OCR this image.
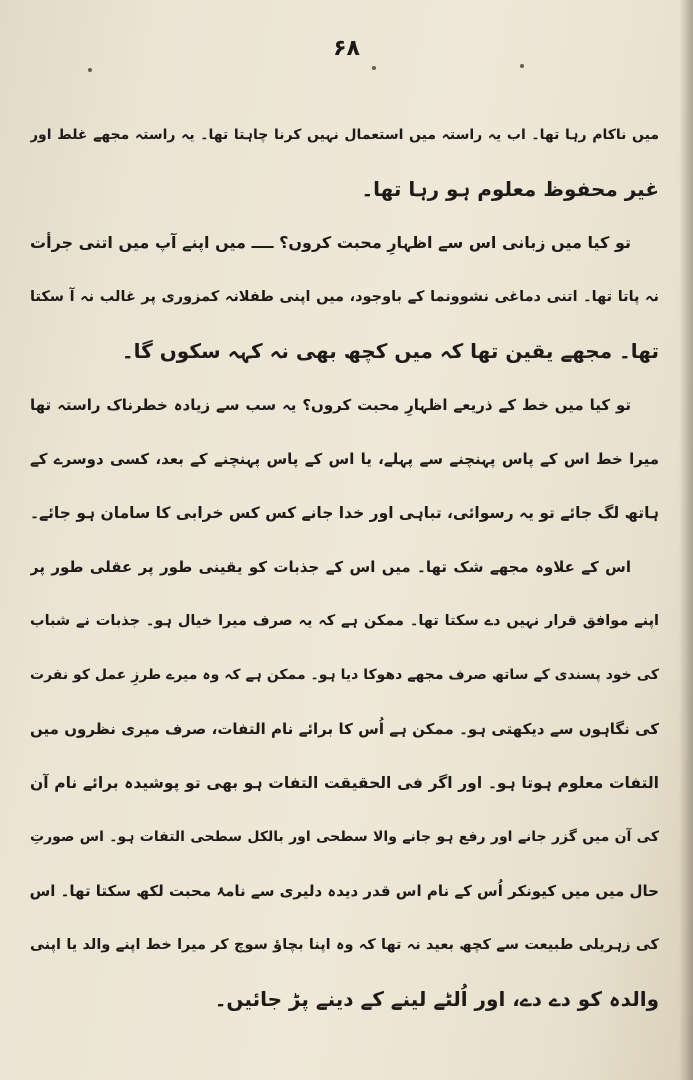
۶۸
میں ناکام رہا تھا۔ اب یہ راستہ میں استعمال نہیں کرنا چاہتا تھا۔ یہ راستہ مجھے غلط اور
غیر محفوظ معلوم ہو رہا تھا۔
تو کیا میں زبانی اس سے اظہارِ محبت کروں؟ ــــ میں اپنے آپ میں اتنی جرأت
نہ پاتا تھا۔ اتنی دماغی نشوونما کے باوجود، میں اپنی طفلانہ کمزوری پر غالب نہ آ سکتا
تھا۔ مجھے یقین تھا کہ میں کچھ بھی نہ کہہ سکوں گا۔
تو کیا میں خط کے ذریعے اظہارِ محبت کروں؟ یہ سب سے زیادہ خطرناک راستہ تھا
میرا خط اس کے پاس پہنچنے سے پہلے، یا اس کے پاس پہنچنے کے بعد، کسی دوسرے کے
ہاتھ لگ جائے تو یہ رسوائی، تباہی اور خدا جانے کس کس خرابی کا سامان ہو جائے۔
اس کے علاوہ مجھے شک تھا۔ میں اس کے جذبات کو یقینی طور پر عقلی طور پر
اپنے موافق قرار نہیں دے سکتا تھا۔ ممکن ہے کہ یہ صرف میرا خیال ہو۔ جذبات نے شباب
کی خود پسندی کے ساتھ صرف مجھے دھوکا دیا ہو۔ ممکن ہے کہ وہ میرے طرزِ عمل کو نفرت
کی نگاہوں سے دیکھتی ہو۔ ممکن ہے اُس کا برائے نام التفات، صرف میری نظروں میں
التفات معلوم ہوتا ہو۔ اور اگر فی الحقیقت التفات ہو بھی تو پوشیدہ برائے نام آن
کی آن میں گزر جانے اور رفع ہو جانے والا سطحی اور بالکل سطحی التفات ہو۔ اس صورتِ
حال میں میں کیونکر اُس کے نام اس قدر دیدہ دلیری سے نامۂ محبت لکھ سکتا تھا۔ اس
کی زہریلی طبیعت سے کچھ بعید نہ تھا کہ وہ اپنا بچاؤ سوچ کر میرا خط اپنے والد یا اپنی
والدہ کو دے دے، اور اُلٹے لینے کے دینے پڑ جائیں۔
